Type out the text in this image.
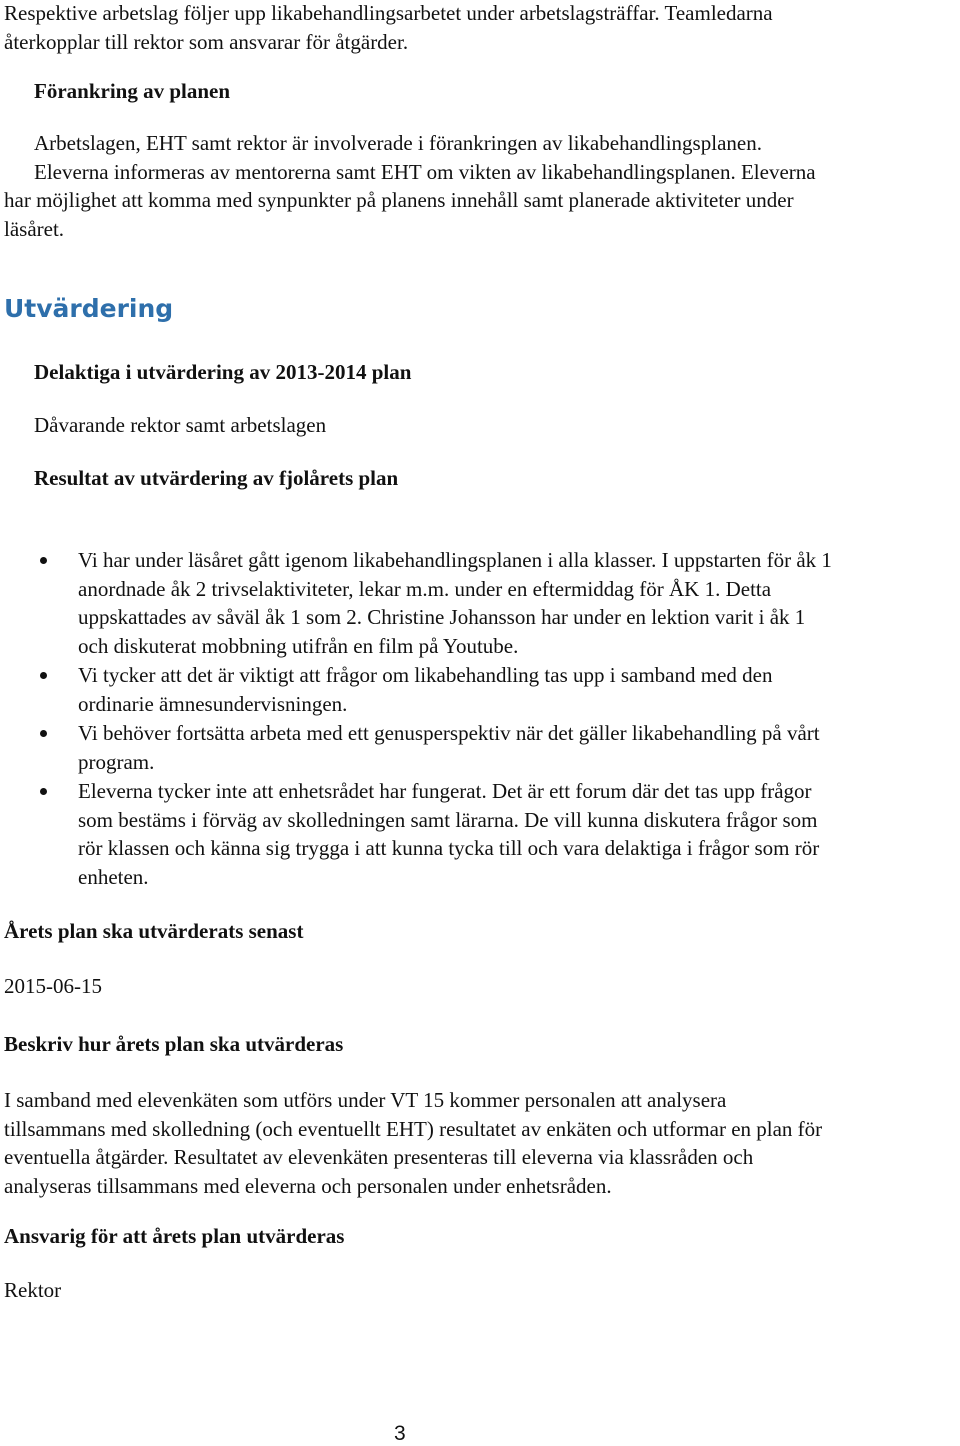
Respektive arbetslag följer upp likabehandlingsarbetet under arbetslagsträffar. Teamledarna
återkopplar till rektor som ansvarar för åtgärder.

Förankring av planen

Arbetslagen, EHT samt rektor är involverade i förankringen av likabehandlingsplanen.
Eleverna informeras av mentorerna samt EHT om vikten av likabehandlingsplanen. Eleverna
har möjlighet att komma med synpunkter på planens innehåll samt planerade aktiviteter under
läsåret.
Utvärdering

Delaktiga i utvärdering av 2013-2014 plan

Dåvarande rektor samt arbetslagen

Resultat av utvärdering av fjolårets plan

Vi har under läsåret gått igenom likabehandlingsplanen i alla klasser. I uppstarten för åk 1
anordnade åk 2 trivselaktiviteter, lekar m.m. under en eftermiddag för ÅK 1. Detta
uppskattades av såväl åk 1 som 2. Christine Johansson har under en lektion varit i åk 1
och diskuterat mobbning utifrån en film på Youtube.
Vi tycker att det är viktigt att frågor om likabehandling tas upp i samband med den
ordinarie ämnesundervisningen.
Vi behöver fortsätta arbeta med ett genusperspektiv när det gäller likabehandling på vårt
program.
Eleverna tycker inte att enhetsrådet har fungerat. Det är ett forum där det tas upp frågor
som bestäms i förväg av skolledningen samt lärarna. De vill kunna diskutera frågor som
rör klassen och känna sig trygga i att kunna tycka till och vara delaktiga i frågor som rör
enheten.

Årets plan ska utvärderats senast

2015-06-15

Beskriv hur årets plan ska utvärderas

I samband med elevenkäten som utförs under VT 15 kommer personalen att analysera
tillsammans med skolledning (och eventuellt EHT) resultatet av enkäten och utformar en plan för
eventuella åtgärder. Resultatet av elevenkäten presenteras till eleverna via klassråden och
analyseras tillsammans med eleverna och personalen under enhetsråden.

Ansvarig för att årets plan utvärderas

Rektor

3
